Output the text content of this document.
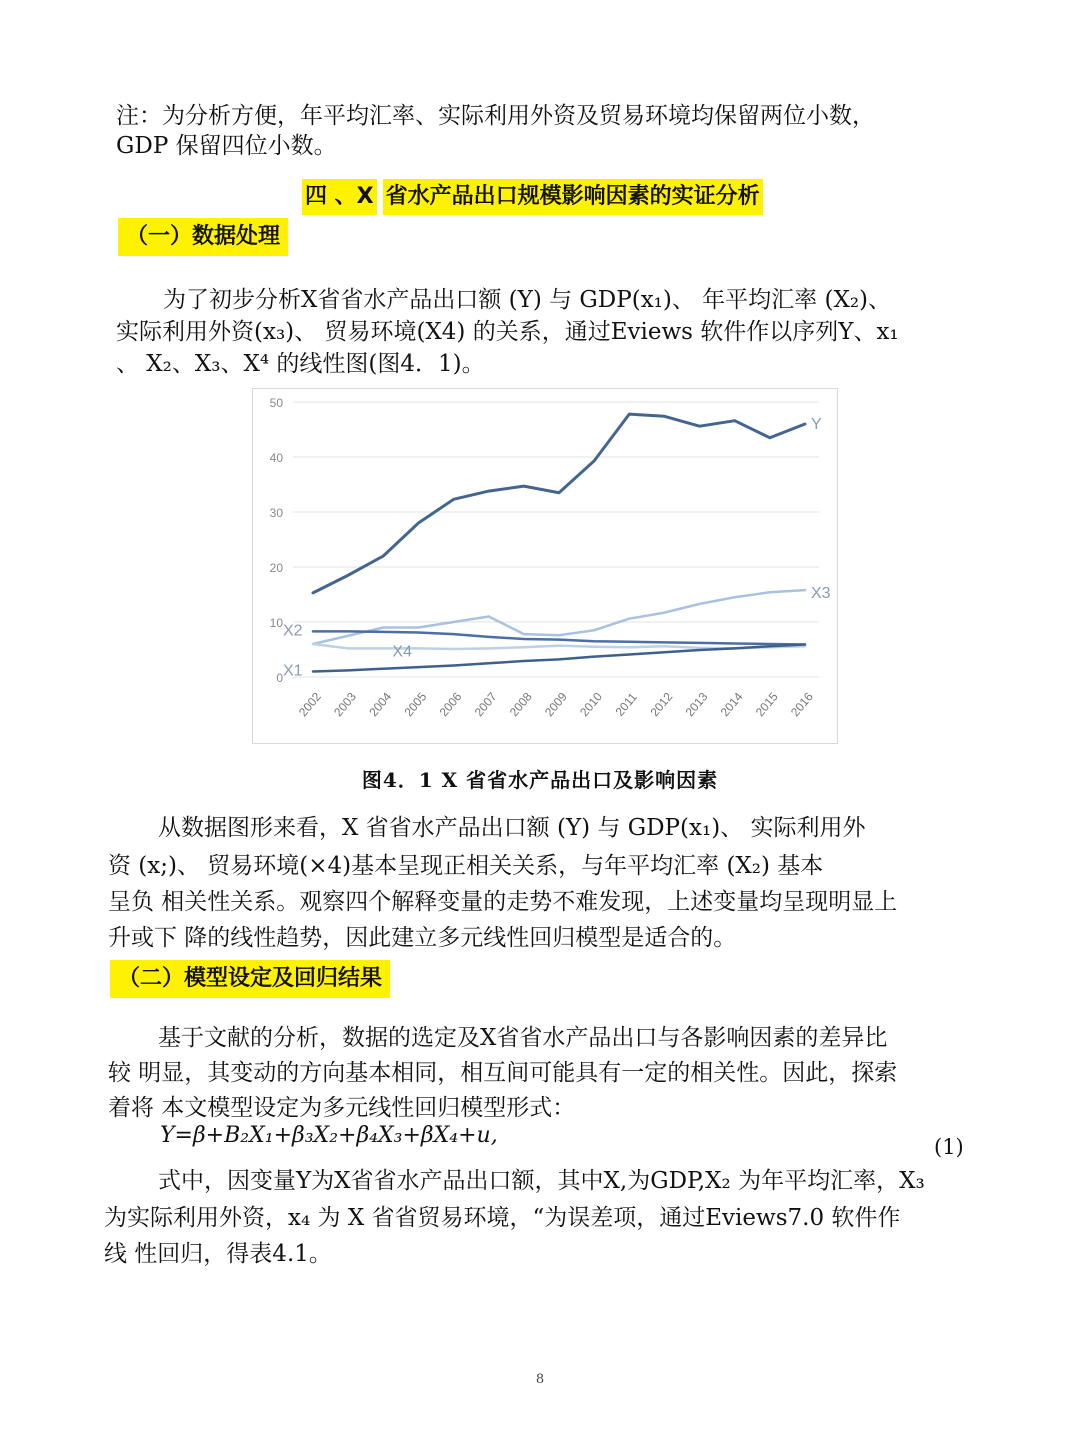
注：为分析方便，年平均汇率、实际利用外资及贸易环境均保留两位小数，

GDP 保留四位小数。

四 、X 省水产品出口规模影响因素的实证分析
（一）数据处理

为了初步分析X省省水产品出口额 (Y) 与 GDP(x₁)、 年平均汇率 (X₂)、

实际利用外资(x₃)、 贸易环境(X4) 的关系，通过Eviews 软件作以序列Y、x₁

、 X₂、X₃、X⁴ 的线性图(图4．1)。

0
10
20
30
40
50
2002 2003 2004 2005 2006 2007 2008 2009 2010 2011 2012 2013 2014 2015 2016
Y
X3
X2
X4
X1
图4．1 X 省省水产品出口及影响因素

从数据图形来看，X 省省水产品出口额 (Y) 与 GDP(x₁)、 实际利用外

资 (x;)、 贸易环境(×4)基本呈现正相关关系，与年平均汇率 (X₂) 基本

呈负 相关性关系。观察四个解释变量的走势不难发现，上述变量均呈现明显上

升或下 降的线性趋势，因此建立多元线性回归模型是适合的。

（二）模型设定及回归结果

基于文献的分析，数据的选定及X省省水产品出口与各影响因素的差异比

较 明显，其变动的方向基本相同，相互间可能具有一定的相关性。因此，探索

着将 本文模型设定为多元线性回归模型形式：

Y=β+B₂X₁+β₃X₂+β₄X₃+βX₄+u,	(1)

式中，因变量Y为X省省水产品出口额，其中X,为GDP,X₂ 为年平均汇率，X₃

为实际利用外资，x₄ 为 X 省省贸易环境，“为误差项，通过Eviews7.0 软件作

线 性回归，得表4.1。

8
